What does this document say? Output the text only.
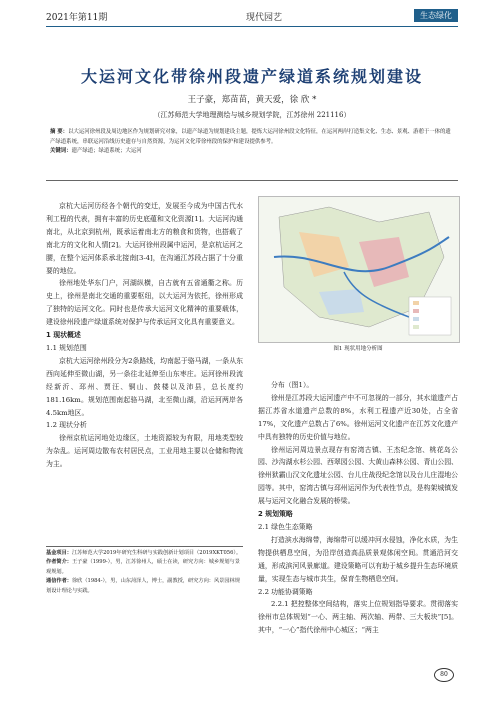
2021年第11期	现代园艺	生态绿化
大运河文化带徐州段遗产绿道系统规划建设
王子豪，郑苗苗，黄天爱，徐 欣 *
（江苏师范大学地理测绘与城乡规划学院，江苏徐州 221116）
摘 要：以大运河徐州段及周边地区作为规划研究对象，以遗产绿道为规划建设主题，提炼大运河徐州段文化特征，在运河两岸打造集文化、生态、景观、游憩于一体的遗产绿道系统，串联运河沿线历史遗存与自然资源，为运河文化带徐州段的保护和建设提供参考。
关键词：遗产绿道；绿道系统；大运河

京杭大运河历经各个朝代的变迁，发展至今成为中国古代水利工程的代表，拥有丰富的历史底蕴和文化资源[1]。大运河沟通南北，从北京到杭州，既承运着南北方的粮食和货物，也搭载了南北方的文化和人情[2]。大运河徐州段属中运河，是京杭运河之腰，在整个运河体系承北接南[3-4]，在沟通江苏段占据了十分重要的地位。

徐州地处华东门户，河湖纵横，自古就有五省通衢之称。历史上，徐州是南北交通的重要枢纽，以大运河为依托，徐州形成了独特的运河文化。同时也是传承大运河文化精神的重要载体，建设徐州段遗产绿道系统对保护与传承运河文化具有重要意义。

1 现状概述

1.1 规划范围

京杭大运河徐州段分为2条路线，均南起于骆马湖，一条从东西向延伸至微山湖，另一条往北延伸至山东枣庄。运河徐州段流经新沂、邳州、贾汪、铜山、鼓楼以及沛县，总长度约181.16km。规划范围南起骆马湖，北至微山湖，沿运河两岸各4.5km地区。

1.2 现状分析

徐州京杭运河地处边缘区，土地资源较为有限，用地类型较为杂乱。运河周边散布农村居民点，工业用地主要以仓储和物流为主。

基金项目：江苏师范大学2019年研究生科研与实践创新计划项目（2019XKT056）。

作者简介：王子豪（1999-），男，江苏徐州人，硕士在读，研究方向：城乡规划与景观规划。

通信作者：徐欣（1984-），男，山东菏泽人，博士，副教授，研究方向：风景园林规划设计理论与实践。

图1 现状用地分析图

分布（图1）。

徐州是江苏段大运河遗产中不可忽视的一部分，其水道遗产占据江苏省水道遗产总数的8%，水利工程遗产近30处，占全省17%，文化遗产总数占了6%。徐州运河文化遗产在江苏文化遗产中具有独特的历史价值与地位。

徐州运河周边景点现存有窑湾古镇、王杰纪念馆、桃花岛公园、沙沟湖水杉公园、西翠园公园、大黄山森林公园、青山公园、徐州狱霸山汉文化遗址公园、台儿庄战役纪念馆以及台儿庄湿地公园等。其中，窑湾古镇与邳州运河作为代表性节点，是构架城镇发展与运河文化融合发展的桥梁。

2 规划策略

2.1 绿色生态策略

打造滨水海绵带，海绵带可以缓冲河水侵蚀，净化水质，为生物提供栖息空间，为沿岸创造高品质景观体闲空间。贯通沿河交通，形成滨河风景廊道。建设策略可以有助于城乡提升生态环境质量，实现生态与城市共生，保育生物栖息空间。

2.2 功能协调策略

2.2.1 把控整体空间结构，落实上位规划指导要求。贯彻落实徐州市总体规划“一心、两主轴、两次轴、两带、三大板块”[5]。其中，“一心”指代徐州中心城区；“两主

80
